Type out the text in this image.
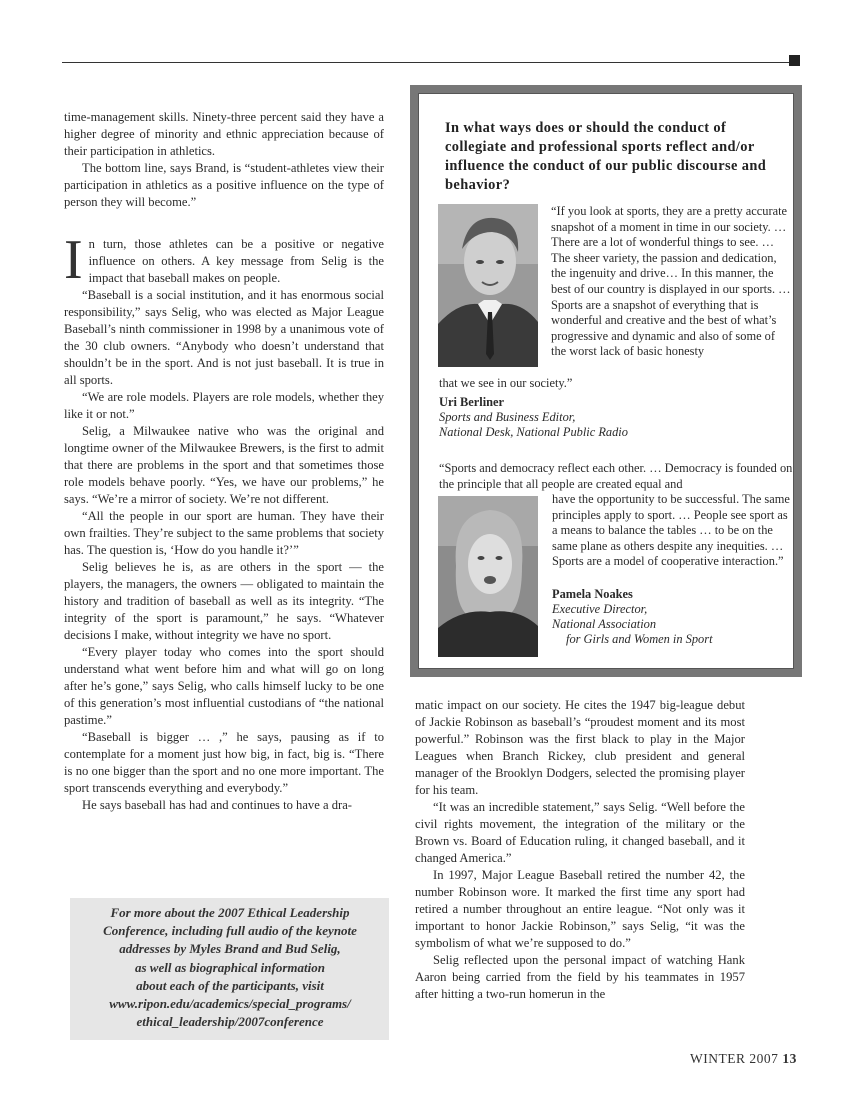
time-management skills. Ninety-three percent said they have a higher degree of minority and ethnic appreciation because of their participation in athletics.

The bottom line, says Brand, is “student-athletes view their participation in athletics as a positive influence on the type of person they will become.”

In turn, those athletes can be a positive or negative influence on others. A key message from Selig is the impact that baseball makes on people.

“Baseball is a social institution, and it has enormous social responsibility,” says Selig, who was elected as Major League Baseball’s ninth commissioner in 1998 by a unanimous vote of the 30 club owners. “Anybody who doesn’t understand that shouldn’t be in the sport. And is not just baseball. It is true in all sports.

“We are role models. Players are role models, whether they like it or not.”

Selig, a Milwaukee native who was the original and longtime owner of the Milwaukee Brewers, is the first to admit that there are problems in the sport and that sometimes those role models behave poorly. “Yes, we have our problems,” he says. “We’re a mirror of society. We’re not different.

“All the people in our sport are human. They have their own frailties. They’re subject to the same problems that society has. The question is, ‘How do you handle it?’”

Selig believes he is, as are others in the sport — the players, the managers, the owners — obligated to maintain the history and tradition of baseball as well as its integrity. “The integrity of the sport is paramount,” he says. “Whatever decisions I make, without integrity we have no sport.

“Every player today who comes into the sport should understand what went before him and what will go on long after he’s gone,” says Selig, who calls himself lucky to be one of this generation’s most influential custodians of “the national pastime.”

“Baseball is bigger … ,” he says, pausing as if to contemplate for a moment just how big, in fact, big is. “There is no one bigger than the sport and no one more important. The sport transcends everything and everybody.”

He says baseball has had and continues to have a dra-

In what ways does or should the conduct of collegiate and professional sports reflect and/or influence the conduct of our public discourse and behavior?
“If you look at sports, they are a pretty accurate snapshot of a moment in time in our society. … There are a lot of wonderful things to see. … The sheer variety, the passion and dedication, the ingenuity and drive… In this manner, the best of our country is displayed in our sports. … Sports are a snapshot of everything that is wonderful and creative and the best of what’s progressive and dynamic and also of some of the worst lack of basic honesty
that we see in our society.”
Uri Berliner
Sports and Business Editor,
National Desk, National Public Radio
“Sports and democracy reflect each other. … Democracy is founded on the principle that all people are created equal and
have the opportunity to be successful. The same principles apply to sport. … People see sport as a means to balance the tables … to be on the same plane as others despite any inequities. … Sports are a model of cooperative interaction.”
Pamela Noakes
Executive Director,
National Association
for Girls and Women in Sport

matic impact on our society. He cites the 1947 big-league debut of Jackie Robinson as baseball’s “proudest moment and its most powerful.” Robinson was the first black to play in the Major Leagues when Branch Rickey, club president and general manager of the Brooklyn Dodgers, selected the promising player for his team.

“It was an incredible statement,” says Selig. “Well before the civil rights movement, the integration of the military or the Brown vs. Board of Education ruling, it changed baseball, and it changed America.”

In 1997, Major League Baseball retired the number 42, the number Robinson wore. It marked the first time any sport had retired a number throughout an entire league. “Not only was it important to honor Jackie Robinson,” says Selig, “it was the symbolism of what we’re supposed to do.”

Selig reflected upon the personal impact of watching Hank Aaron being carried from the field by his teammates in 1957 after hitting a two-run homerun in the

For more about the 2007 Ethical Leadership
Conference, including full audio of the keynote
addresses by Myles Brand and Bud Selig,
as well as biographical information
about each of the participants, visit
www.ripon.edu/academics/special_programs/
ethical_leadership/2007conference
WINTER 2007 13
